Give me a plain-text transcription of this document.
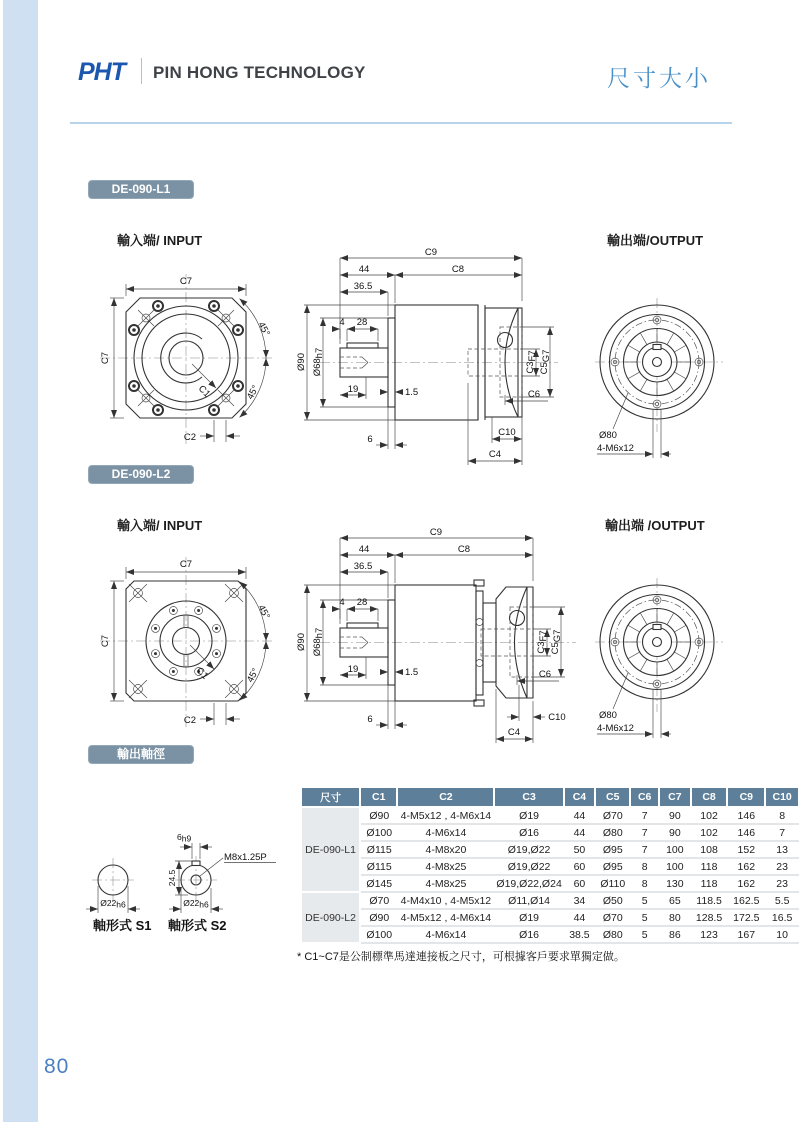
PHT PIN HONG TECHNOLOGY	尺寸大小
DE-090-L1
輸入端/ INPUT	輸出端/OUTPUT
C7
C7
C1
C2
45°
45°
C9
44	C8
36.5
Ø90 Ø68h7
4 28
19	1.5
6
C3F7
C5G7
C6
C10
C4
Ø80
4-M6x12
DE-090-L2
輸入端/ INPUT	輸出端 /OUTPUT
C7
C7
C1
C2
45°
45°
C9
44	C8
36.5
Ø90 Ø68h7
4 28
19	1.5
6
C3F7
C5G7
C6
C10
C4
Ø80
4-M6x12
輸出軸徑
Ø22h6
M8x1.25P
6h9
24.5
Ø22h6
軸形式 S1 軸形式 S2
尺寸	C1	C2	C3	C4	C5	C6	C7	C8	C9	C10
DE-090-L1	Ø90	4-M5x12 , 4-M6x14	Ø19	44	Ø70	7	90	102	146	8
	Ø100	4-M6x14	Ø16	44	Ø80	7	90	102	146	7
	Ø115	4-M8x20	Ø19,Ø22	50	Ø95	7	100	108	152	13
	Ø115	4-M8x25	Ø19,Ø22	60	Ø95	8	100	118	162	23
	Ø145	4-M8x25	Ø19,Ø22,Ø24	60	Ø110	8	130	118	162	23
DE-090-L2	Ø70	4-M4x10 , 4-M5x12	Ø11,Ø14	34	Ø50	5	65	118.5	162.5	5.5
	Ø90	4-M5x12 , 4-M6x14	Ø19	44	Ø70	5	80	128.5	172.5	16.5
	Ø100	4-M6x14	Ø16	38.5	Ø80	5	86	123	167	10
* C1~C7是公制標準馬達連接板之尺寸，可根據客戶要求單獨定做。
80
